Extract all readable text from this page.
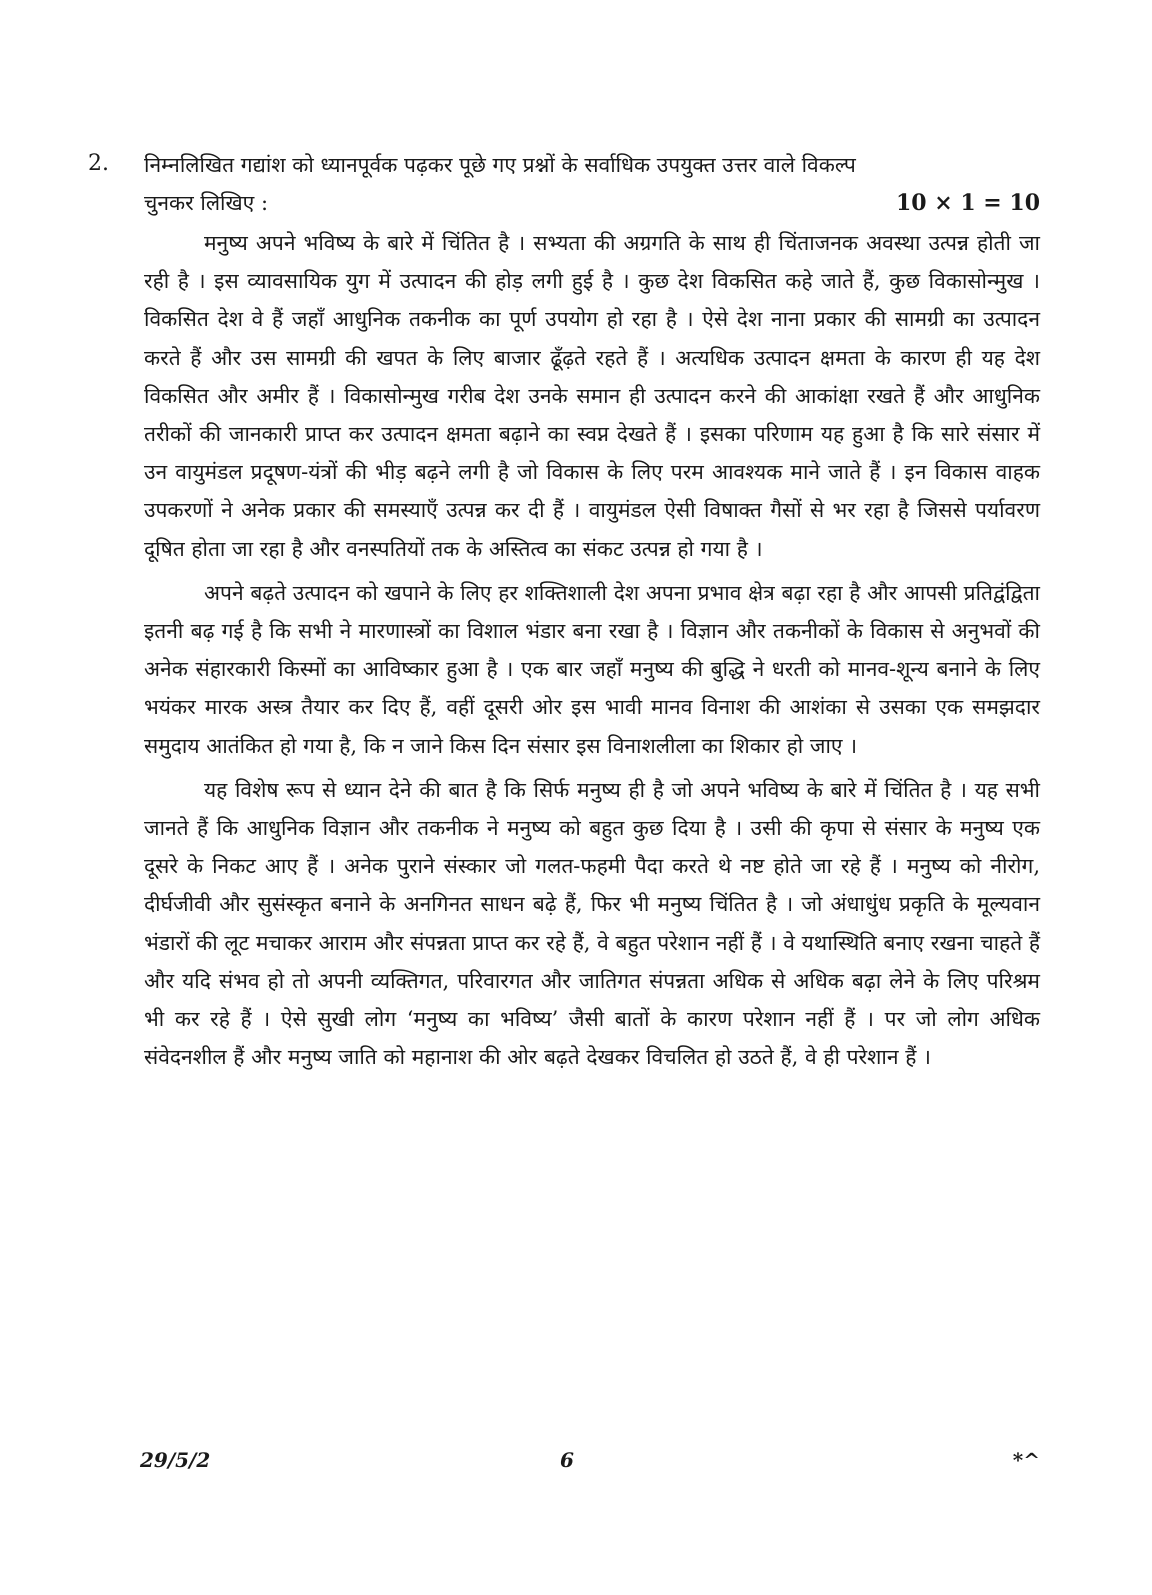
2. निम्नलिखित गद्यांश को ध्यानपूर्वक पढ़कर पूछे गए प्रश्नों के सर्वाधिक उपयुक्त उत्तर वाले विकल्प

चुनकर लिखिए :	10 × 1 = 10

मनुष्य अपने भविष्य के बारे में चिंतित है । सभ्यता की अग्रगति के साथ ही चिंताजनक अवस्था उत्पन्न होती जा रही है । इस व्यावसायिक युग में उत्पादन की होड़ लगी हुई है । कुछ देश विकसित कहे जाते हैं, कुछ विकासोन्मुख । विकसित देश वे हैं जहाँ आधुनिक तकनीक का पूर्ण उपयोग हो रहा है । ऐसे देश नाना प्रकार की सामग्री का उत्पादन करते हैं और उस सामग्री की खपत के लिए बाजार ढूँढ़ते रहते हैं । अत्यधिक उत्पादन क्षमता के कारण ही यह देश विकसित और अमीर हैं । विकासोन्मुख गरीब देश उनके समान ही उत्पादन करने की आकांक्षा रखते हैं और आधुनिक तरीकों की जानकारी प्राप्त कर उत्पादन क्षमता बढ़ाने का स्वप्न देखते हैं । इसका परिणाम यह हुआ है कि सारे संसार में उन वायुमंडल प्रदूषण-यंत्रों की भीड़ बढ़ने लगी है जो विकास के लिए परम आवश्यक माने जाते हैं । इन विकास वाहक उपकरणों ने अनेक प्रकार की समस्याएँ उत्पन्न कर दी हैं । वायुमंडल ऐसी विषाक्त गैसों से भर रहा है जिससे पर्यावरण दूषित होता जा रहा है और वनस्पतियों तक के अस्तित्व का संकट उत्पन्न हो गया है ।

अपने बढ़ते उत्पादन को खपाने के लिए हर शक्तिशाली देश अपना प्रभाव क्षेत्र बढ़ा रहा है और आपसी प्रतिद्वंद्विता इतनी बढ़ गई है कि सभी ने मारणास्त्रों का विशाल भंडार बना रखा है । विज्ञान और तकनीकों के विकास से अनुभवों की अनेक संहारकारी किस्मों का आविष्कार हुआ है । एक बार जहाँ मनुष्य की बुद्धि ने धरती को मानव-शून्य बनाने के लिए भयंकर मारक अस्त्र तैयार कर दिए हैं, वहीं दूसरी ओर इस भावी मानव विनाश की आशंका से उसका एक समझदार समुदाय आतंकित हो गया है, कि न जाने किस दिन संसार इस विनाशलीला का शिकार हो जाए ।

यह विशेष रूप से ध्यान देने की बात है कि सिर्फ मनुष्य ही है जो अपने भविष्य के बारे में चिंतित है । यह सभी जानते हैं कि आधुनिक विज्ञान और तकनीक ने मनुष्य को बहुत कुछ दिया है । उसी की कृपा से संसार के मनुष्य एक दूसरे के निकट आए हैं । अनेक पुराने संस्कार जो गलत-फहमी पैदा करते थे नष्ट होते जा रहे हैं । मनुष्य को नीरोग, दीर्घजीवी और सुसंस्कृत बनाने के अनगिनत साधन बढ़े हैं, फिर भी मनुष्य चिंतित है । जो अंधाधुंध प्रकृति के मूल्यवान भंडारों की लूट मचाकर आराम और संपन्नता प्राप्त कर रहे हैं, वे बहुत परेशान नहीं हैं । वे यथास्थिति बनाए रखना चाहते हैं और यदि संभव हो तो अपनी व्यक्तिगत, परिवारगत और जातिगत संपन्नता अधिक से अधिक बढ़ा लेने के लिए परिश्रम भी कर रहे हैं । ऐसे सुखी लोग ‘मनुष्य का भविष्य’ जैसी बातों के कारण परेशान नहीं हैं । पर जो लोग अधिक संवेदनशील हैं और मनुष्य जाति को महानाश की ओर बढ़ते देखकर विचलित हो उठते हैं, वे ही परेशान हैं ।

29/5/2	6	*^
